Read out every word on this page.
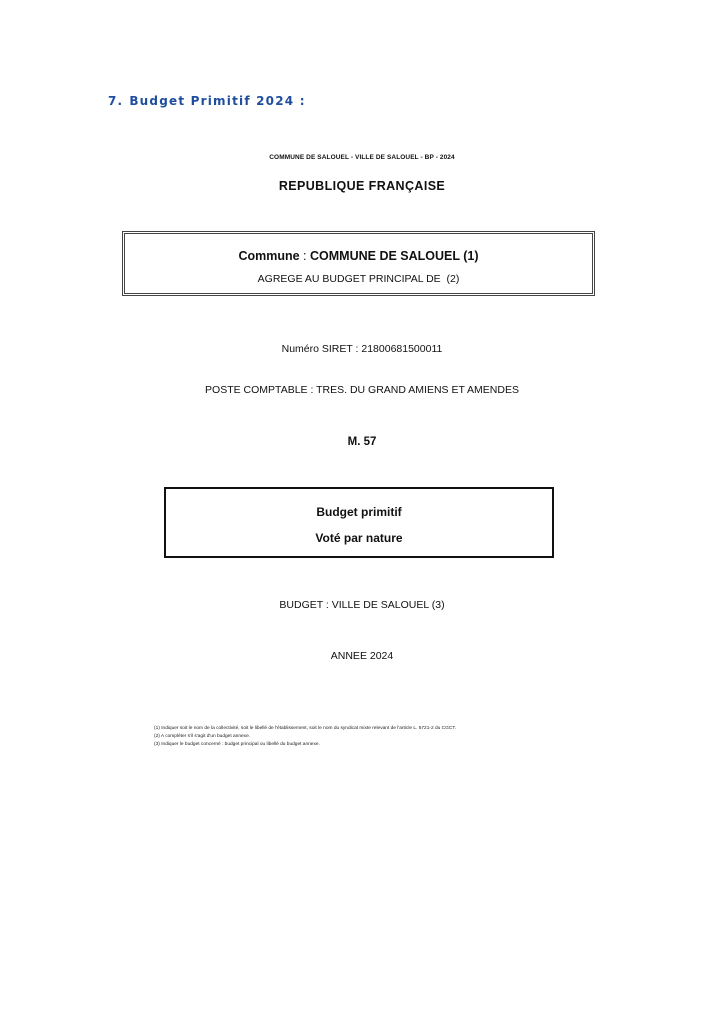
7. Budget Primitif 2024 :
COMMUNE DE SALOUEL - VILLE DE SALOUEL - BP - 2024
REPUBLIQUE FRANÇAISE
Commune : COMMUNE DE SALOUEL (1)
AGREGE AU BUDGET PRINCIPAL DE  (2)
Numéro SIRET : 21800681500011
POSTE COMPTABLE : TRES. DU GRAND AMIENS ET AMENDES
M. 57
Budget primitif
Voté par nature
BUDGET : VILLE DE SALOUEL (3)
ANNEE 2024
(1) Indiquer soit le nom de la collectivité, soit le libellé de l'établissement, soit le nom du syndicat mixte relevant de l'article L. 5721-2 du CGCT.
(2) A compléter s'il s'agit d'un budget annexe.
(3) Indiquer le budget concerné : budget principal ou libellé du budget annexe.
